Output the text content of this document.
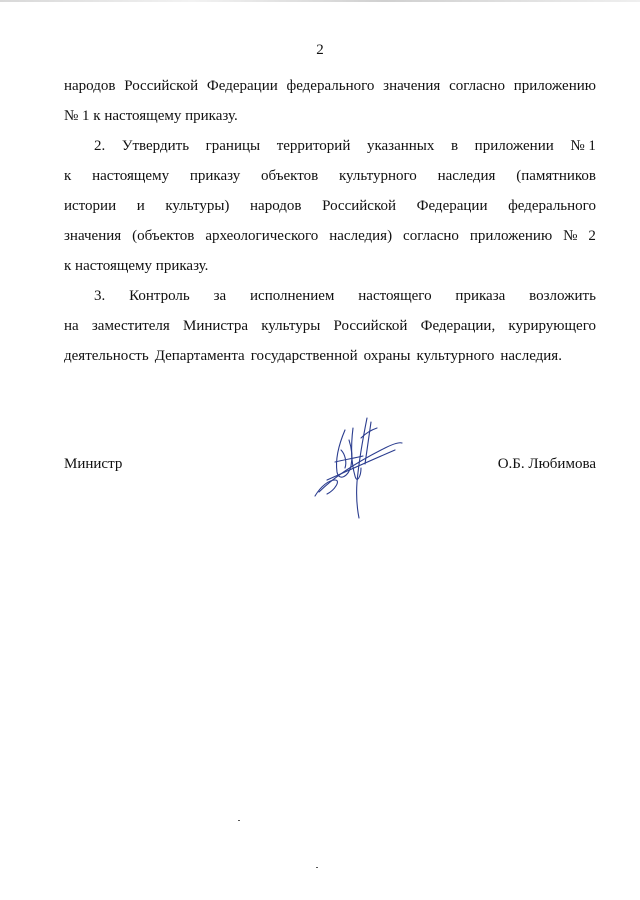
2
народов Российской Федерации федерального значения согласно приложению
№ 1 к настоящему приказу.
2. Утвердить границы территорий указанных в приложении № 1
к настоящему приказу объектов культурного наследия (памятников
истории и культуры) народов Российской Федерации федерального
значения (объектов археологического наследия) согласно приложению № 2
к настоящему приказу.
3. Контроль за исполнением настоящего приказа возложить
на заместителя Министра культуры Российской Федерации, курирующего
деятельность Департамента государственной охраны культурного наследия.
Министр	О.Б. Любимова
